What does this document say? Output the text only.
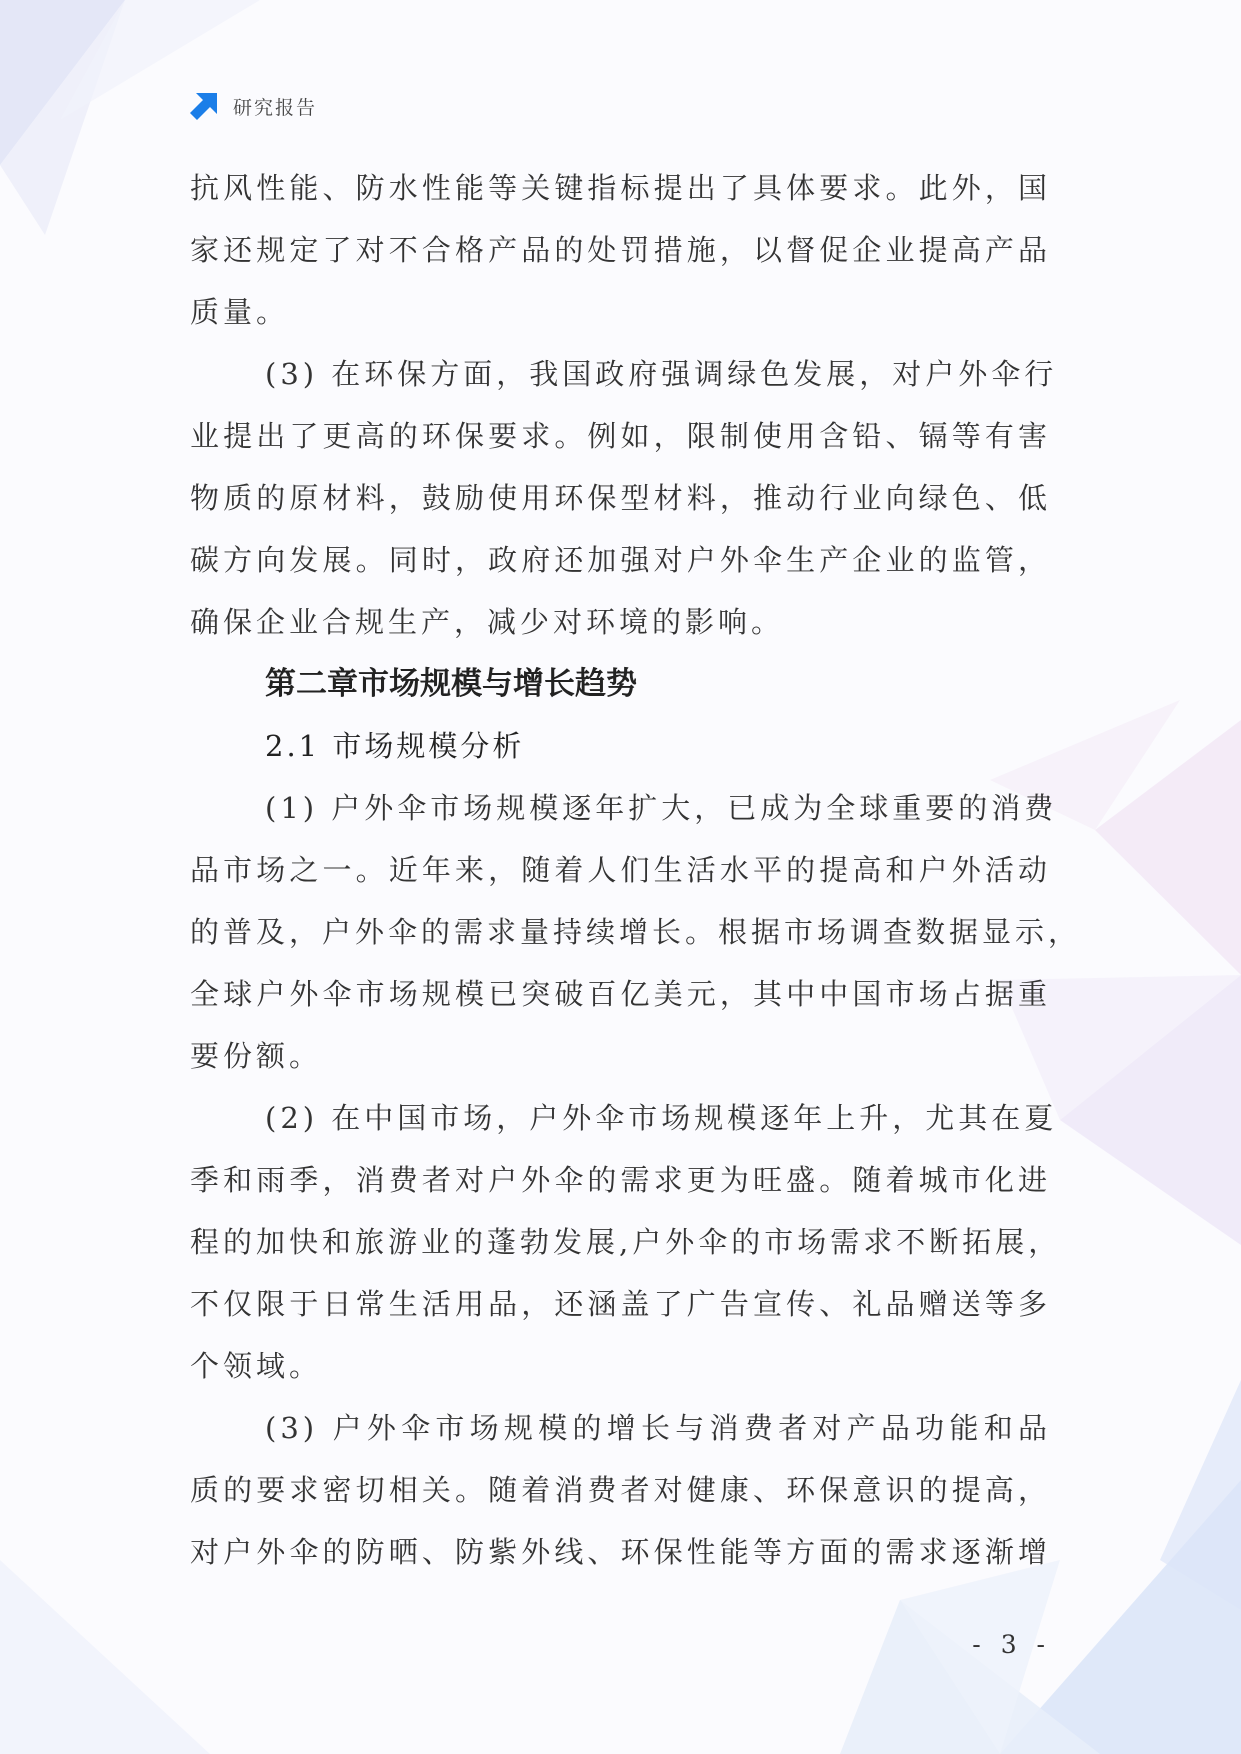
研究报告
抗风性能、防水性能等关键指标提出了具体要求。此外，国
家还规定了对不合格产品的处罚措施，以督促企业提高产品
质量。
(3) 在环保方面，我国政府强调绿色发展，对户外伞行
业提出了更高的环保要求。例如，限制使用含铅、镉等有害
物质的原材料，鼓励使用环保型材料，推动行业向绿色、低
碳方向发展。同时，政府还加强对户外伞生产企业的监管，
确保企业合规生产，减少对环境的影响。
第二章市场规模与增长趋势
2.1 市场规模分析
(1) 户外伞市场规模逐年扩大，已成为全球重要的消费
品市场之一。近年来，随着人们生活水平的提高和户外活动
的普及，户外伞的需求量持续增长。根据市场调查数据显示，
全球户外伞市场规模已突破百亿美元，其中中国市场占据重
要份额。
(2) 在中国市场，户外伞市场规模逐年上升，尤其在夏
季和雨季，消费者对户外伞的需求更为旺盛。随着城市化进
程的加快和旅游业的蓬勃发展,户外伞的市场需求不断拓展，
不仅限于日常生活用品，还涵盖了广告宣传、礼品赠送等多
个领域。
(3) 户外伞市场规模的增长与消费者对产品功能和品
质的要求密切相关。随着消费者对健康、环保意识的提高，
对户外伞的防晒、防紫外线、环保性能等方面的需求逐渐增
- 3 -
